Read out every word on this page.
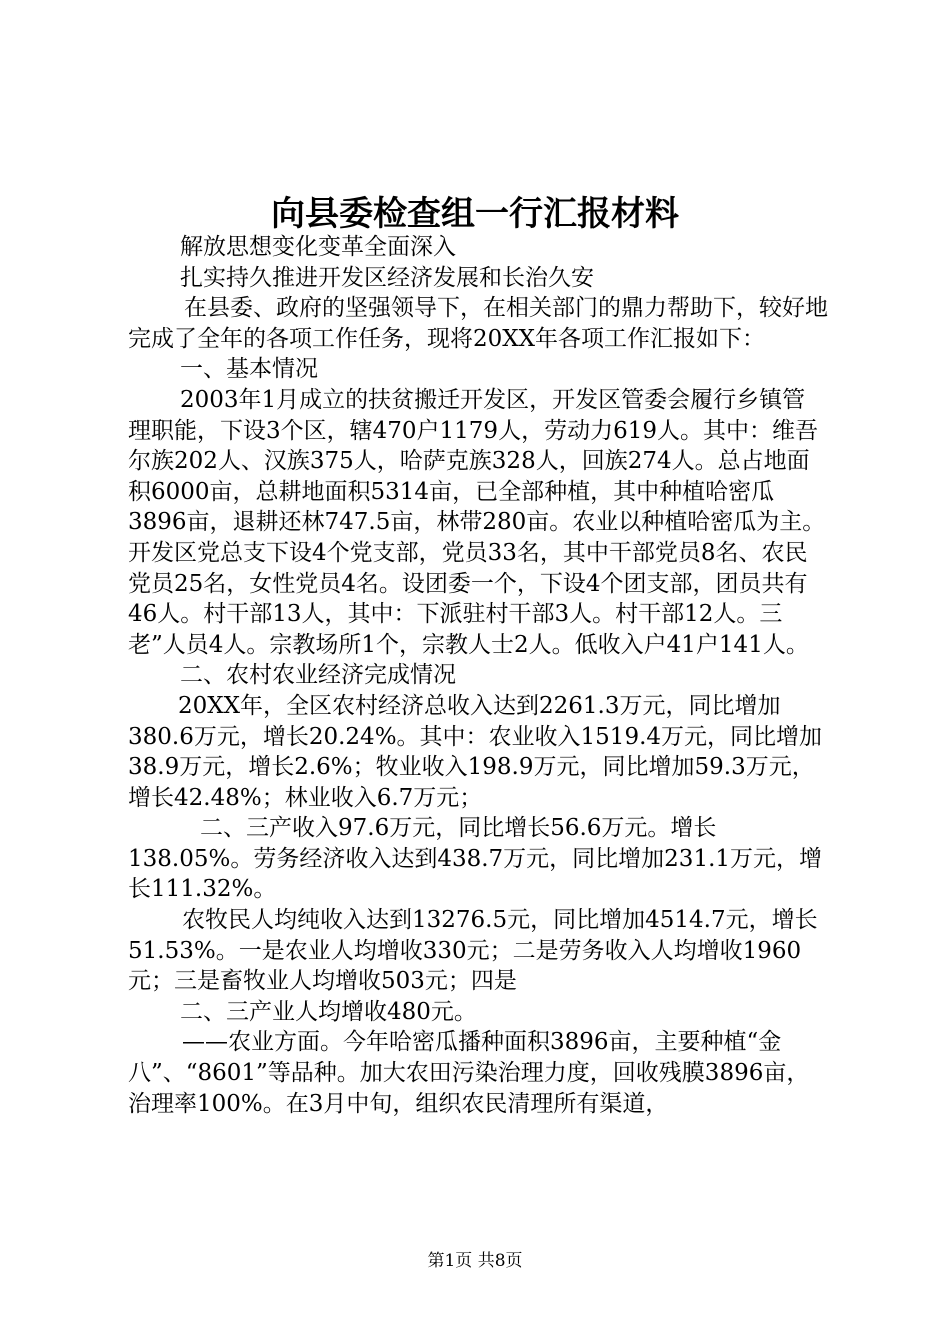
向县委检查组一行汇报材料

解放思想变化变革全面深入

扎实持久推进开发区经济发展和长治久安

在县委、政府的坚强领导下，在相关部门的鼎力帮助下，较好地完成了全年的各项工作任务，现将20XX年各项工作汇报如下：

一、基本情况

2003年1月成立的扶贫搬迁开发区，开发区管委会履行乡镇管理职能，下设3个区，辖470户1179人，劳动力619人。其中：维吾尔族202人、汉族375人，哈萨克族328人，回族274人。总占地面积6000亩，总耕地面积5314亩，已全部种植，其中种植哈密瓜3896亩，退耕还林747.5亩，林带280亩。农业以种植哈密瓜为主。开发区党总支下设4个党支部，党员33名，其中干部党员8名、农民党员25名，女性党员4名。设团委一个，下设4个团支部，团员共有46人。村干部13人，其中：下派驻村干部3人。村干部12人。三老”人员4人。宗教场所1个，宗教人士2人。低收入户41户141人。

二、农村农业经济完成情况

20XX年，全区农村经济总收入达到2261.3万元，同比增加380.6万元，增长20.24%。其中：农业收入1519.4万元，同比增加38.9万元，增长2.6%；牧业收入198.9万元，同比增加59.3万元，增长42.48%；林业收入6.7万元；

二、三产收入97.6万元，同比增长56.6万元。增长138.05%。劳务经济收入达到438.7万元，同比增加231.1万元，增长111.32%。

农牧民人均纯收入达到13276.5元，同比增加4514.7元，增长51.53%。一是农业人均增收330元；二是劳务收入人均增收1960元；三是畜牧业人均增收503元；四是

二、三产业人均增收480元。

——农业方面。今年哈密瓜播种面积3896亩，主要种植“金八”、“8601”等品种。加大农田污染治理力度，回收残膜3896亩，治理率100%。在3月中旬，组织农民清理所有渠道，

第1页 共8页
